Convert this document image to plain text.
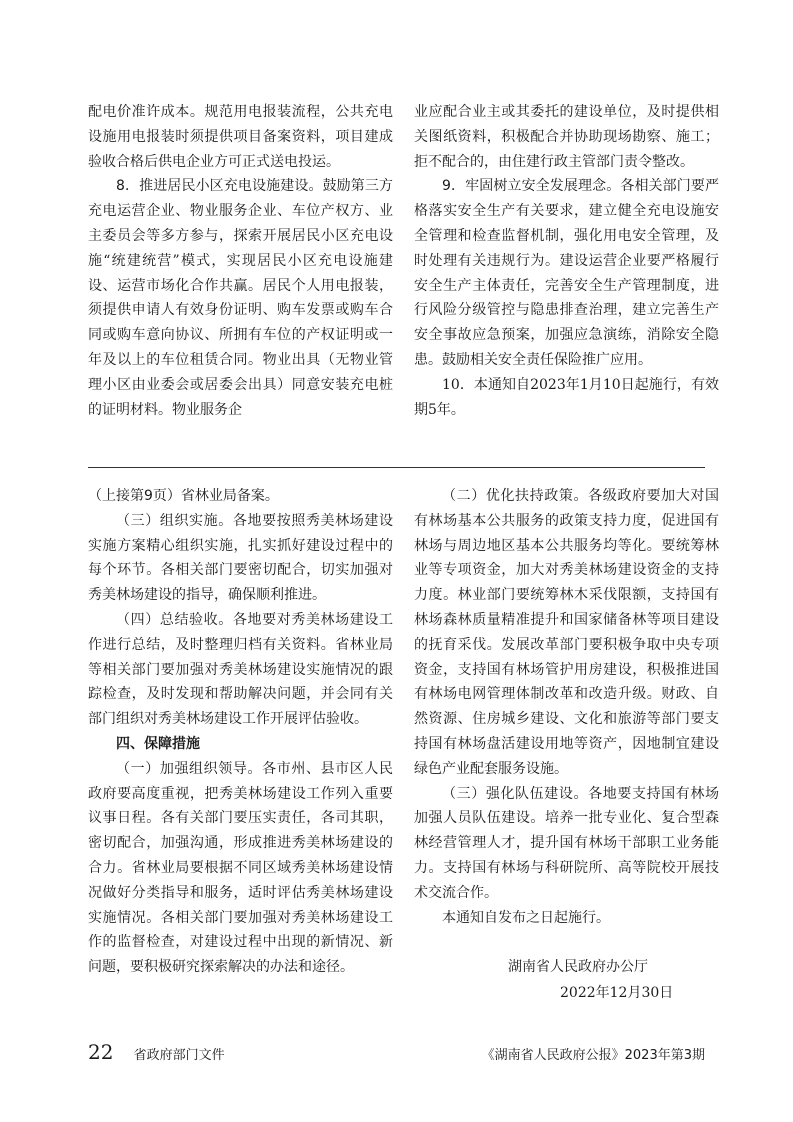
配电价准许成本。规范用电报装流程，公共充电设施用电报装时须提供项目备案资料，项目建成验收合格后供电企业方可正式送电投运。

8．推进居民小区充电设施建设。鼓励第三方充电运营企业、物业服务企业、车位产权方、业主委员会等多方参与，探索开展居民小区充电设施“统建统营”模式，实现居民小区充电设施建设、运营市场化合作共赢。居民个人用电报装，须提供申请人有效身份证明、购车发票或购车合同或购车意向协议、所拥有车位的产权证明或一年及以上的车位租赁合同。物业出具（无物业管理小区由业委会或居委会出具）同意安装充电桩的证明材料。物业服务企

业应配合业主或其委托的建设单位，及时提供相关图纸资料，积极配合并协助现场勘察、施工；拒不配合的，由住建行政主管部门责令整改。

9．牢固树立安全发展理念。各相关部门要严格落实安全生产有关要求，建立健全充电设施安全管理和检查监督机制，强化用电安全管理，及时处理有关违规行为。建设运营企业要严格履行安全生产主体责任，完善安全生产管理制度，进行风险分级管控与隐患排查治理，建立完善生产安全事故应急预案，加强应急演练，消除安全隐患。鼓励相关安全责任保险推广应用。

10．本通知自2023年1月10日起施行，有效期5年。

（上接第9页）省林业局备案。

（三）组织实施。各地要按照秀美林场建设实施方案精心组织实施，扎实抓好建设过程中的每个环节。各相关部门要密切配合，切实加强对秀美林场建设的指导，确保顺利推进。

（四）总结验收。各地要对秀美林场建设工作进行总结，及时整理归档有关资料。省林业局等相关部门要加强对秀美林场建设实施情况的跟踪检查，及时发现和帮助解决问题，并会同有关部门组织对秀美林场建设工作开展评估验收。

四、保障措施

（一）加强组织领导。各市州、县市区人民政府要高度重视，把秀美林场建设工作列入重要议事日程。各有关部门要压实责任，各司其职，密切配合，加强沟通，形成推进秀美林场建设的合力。省林业局要根据不同区域秀美林场建设情况做好分类指导和服务，适时评估秀美林场建设实施情况。各相关部门要加强对秀美林场建设工作的监督检查，对建设过程中出现的新情况、新问题，要积极研究探索解决的办法和途径。

（二）优化扶持政策。各级政府要加大对国有林场基本公共服务的政策支持力度，促进国有林场与周边地区基本公共服务均等化。要统筹林业等专项资金，加大对秀美林场建设资金的支持力度。林业部门要统筹林木采伐限额，支持国有林场森林质量精准提升和国家储备林等项目建设的抚育采伐。发展改革部门要积极争取中央专项资金，支持国有林场管护用房建设，积极推进国有林场电网管理体制改革和改造升级。财政、自然资源、住房城乡建设、文化和旅游等部门要支持国有林场盘活建设用地等资产，因地制宜建设绿色产业配套服务设施。

（三）强化队伍建设。各地要支持国有林场加强人员队伍建设。培养一批专业化、复合型森林经营管理人才，提升国有林场干部职工业务能力。支持国有林场与科研院所、高等院校开展技术交流合作。

本通知自发布之日起施行。

湖南省人民政府办公厅
2022年12月30日
22 省政府部门文件	《湖南省人民政府公报》2023年第3期
